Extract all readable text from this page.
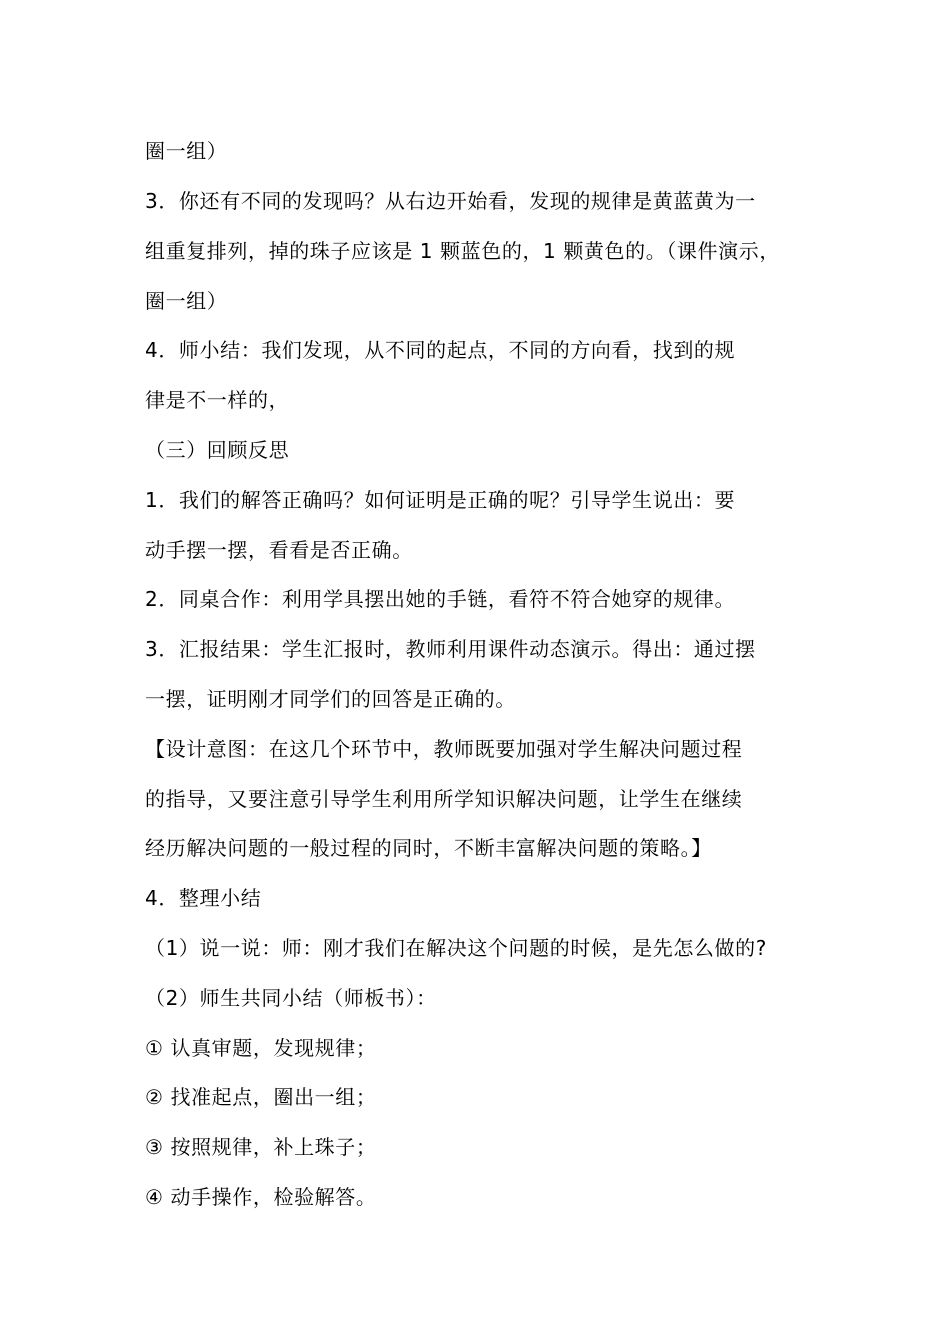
圈一组）
3．你还有不同的发现吗？从右边开始看，发现的规律是黄蓝黄为一
组重复排列，掉的珠子应该是 1 颗蓝色的，1 颗黄色的。（课件演示，
圈一组）
4．师小结：我们发现，从不同的起点，不同的方向看，找到的规
律是不一样的，
（三）回顾反思
1．我们的解答正确吗？如何证明是正确的呢？引导学生说出：要
动手摆一摆，看看是否正确。
2．同桌合作：利用学具摆出她的手链，看符不符合她穿的规律。
3．汇报结果：学生汇报时，教师利用课件动态演示。得出：通过摆
一摆，证明刚才同学们的回答是正确的。
【设计意图：在这几个环节中，教师既要加强对学生解决问题过程
的指导，又要注意引导学生利用所学知识解决问题，让学生在继续
经历解决问题的一般过程的同时，不断丰富解决问题的策略。】
4．整理小结
（1）说一说：师：刚才我们在解决这个问题的时候，是先怎么做的?
（2）师生共同小结（师板书）：
① 认真审题，发现规律；
② 找准起点，圈出一组；
③ 按照规律，补上珠子；
④ 动手操作，检验解答。
